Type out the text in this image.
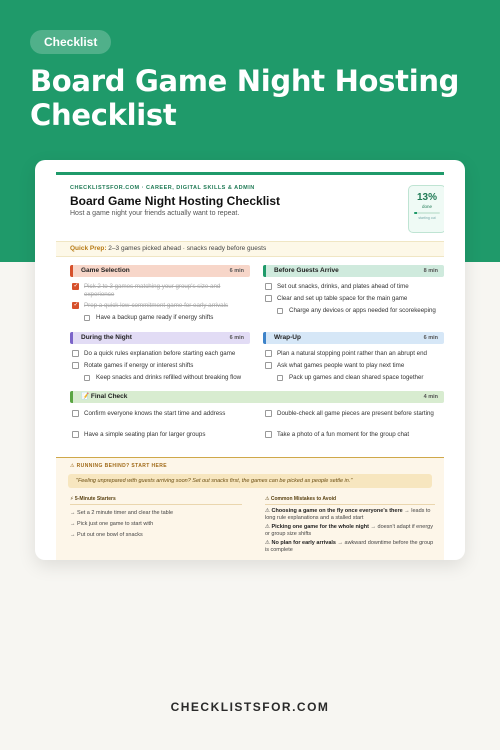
Checklist
Board Game Night Hosting Checklist
CHECKLISTSFOR.COM · CAREER, DIGITAL SKILLS & ADMIN
Board Game Night Hosting Checklist
Host a game night your friends actually want to repeat.
13%
done
starting out
Quick Prep: 2–3 games picked ahead · snacks ready before guests
Game Selection	6 min
✓
Pick 2 to 3 games matching your group's size and experience
✓
Prep a quick low-commitment game for early arrivals
Have a backup game ready if energy shifts
Before Guests Arrive	8 min
Set out snacks, drinks, and plates ahead of time
Clear and set up table space for the main game
Charge any devices or apps needed for scorekeeping
During the Night	6 min
Do a quick rules explanation before starting each game
Rotate games if energy or interest shifts
Keep snacks and drinks refilled without breaking flow
Wrap-Up	6 min
Plan a natural stopping point rather than an abrupt end
Ask what games people want to play next time
Pack up games and clean shared space together
📝 Final Check	4 min
Confirm everyone knows the start time and address	Double-check all game pieces are present before starting
Have a simple seating plan for larger groups	Take a photo of a fun moment for the group chat
⚠ RUNNING BEHIND? START HERE
"Feeling unprepared with guests arriving soon? Set out snacks first, the games can be picked as people settle in."
⚡ 5-Minute Starters
→ Set a 2 minute timer and clear the table
→ Pick just one game to start with
→ Put out one bowl of snacks
⚠ Common Mistakes to Avoid
⚠ Choosing a game on the fly once everyone's there → leads to long rule explanations and a stalled start
⚠ Picking one game for the whole night → doesn't adapt if energy or group size shifts
⚠ No plan for early arrivals → awkward downtime before the group is complete
CHECKLISTSFOR.COM
